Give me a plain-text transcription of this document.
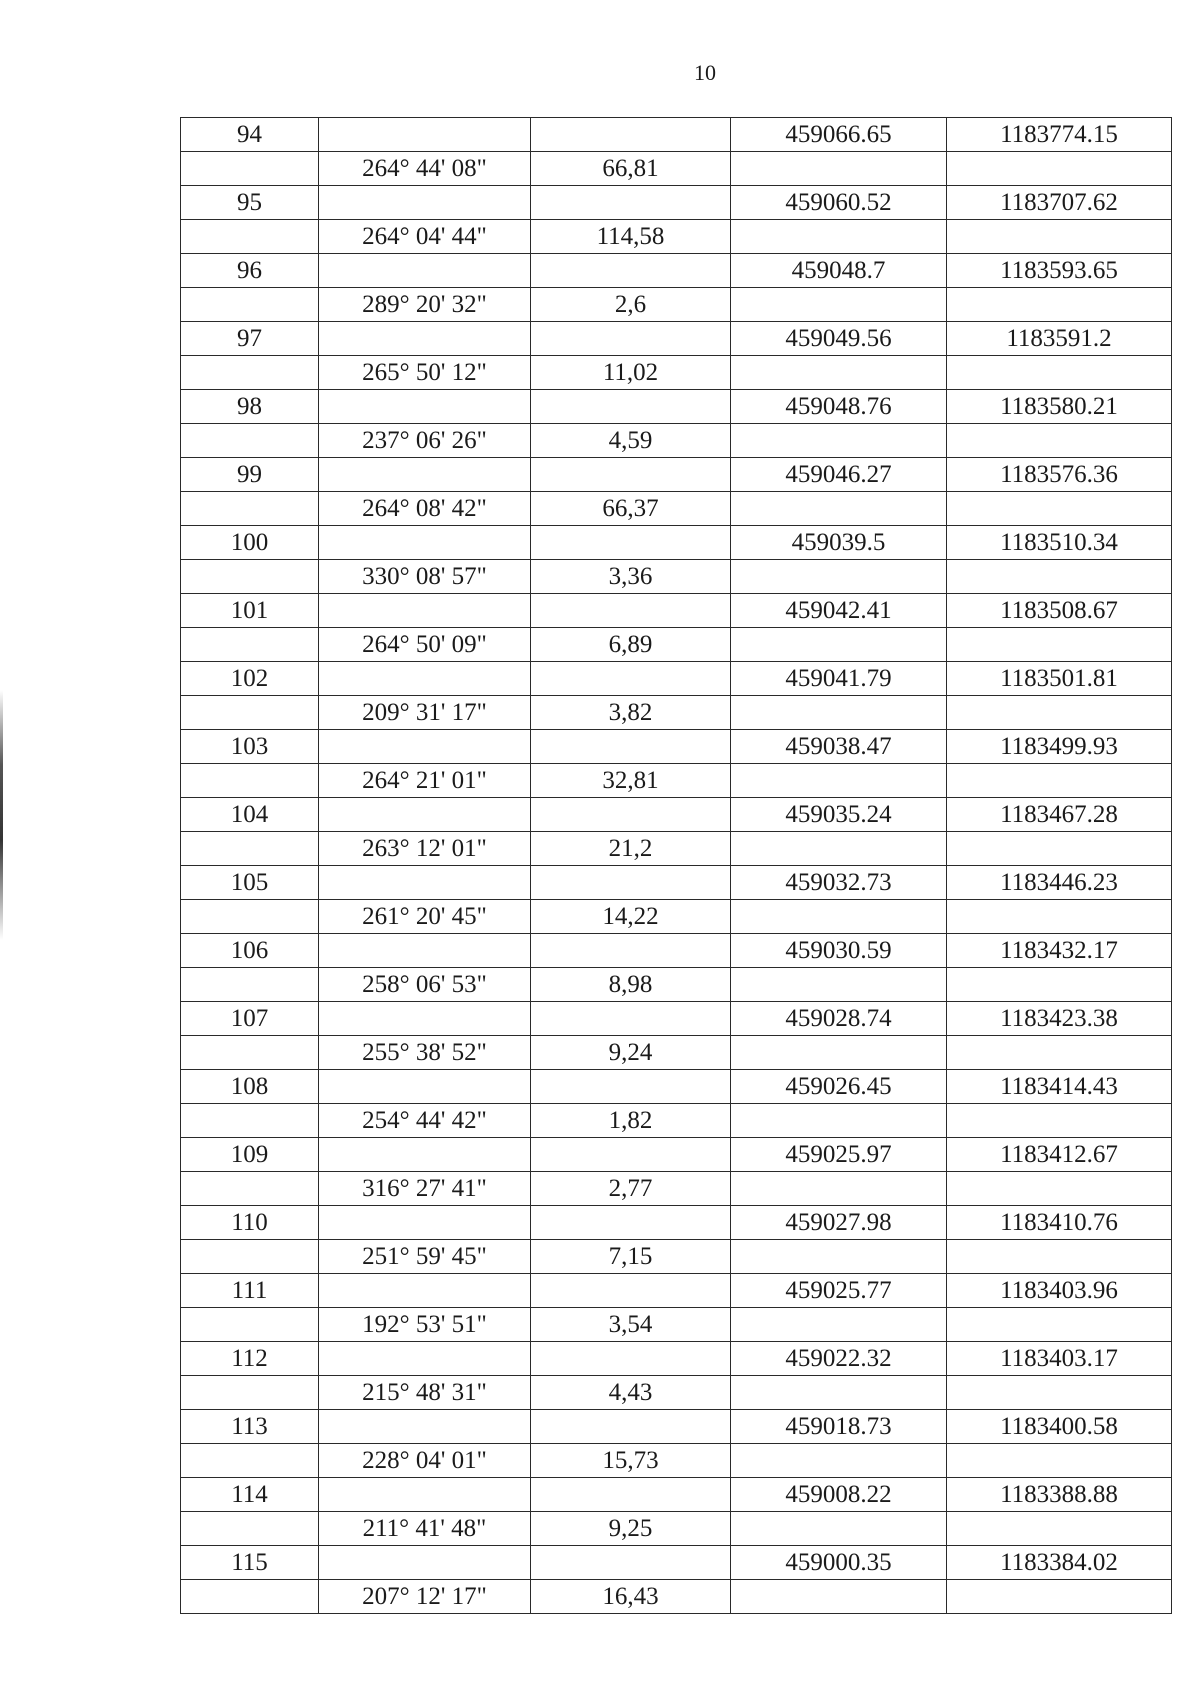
10
94			459066.65	1183774.15
	264° 44' 08"	66,81		
95			459060.52	1183707.62
	264° 04' 44"	114,58		
96			459048.7	1183593.65
	289° 20' 32"	2,6		
97			459049.56	1183591.2
	265° 50' 12"	11,02		
98			459048.76	1183580.21
	237° 06' 26"	4,59		
99			459046.27	1183576.36
	264° 08' 42"	66,37		
100			459039.5	1183510.34
	330° 08' 57"	3,36		
101			459042.41	1183508.67
	264° 50' 09"	6,89		
102			459041.79	1183501.81
	209° 31' 17"	3,82		
103			459038.47	1183499.93
	264° 21' 01"	32,81		
104			459035.24	1183467.28
	263° 12' 01"	21,2		
105			459032.73	1183446.23
	261° 20' 45"	14,22		
106			459030.59	1183432.17
	258° 06' 53"	8,98		
107			459028.74	1183423.38
	255° 38' 52"	9,24		
108			459026.45	1183414.43
	254° 44' 42"	1,82		
109			459025.97	1183412.67
	316° 27' 41"	2,77		
110			459027.98	1183410.76
	251° 59' 45"	7,15		
111			459025.77	1183403.96
	192° 53' 51"	3,54		
112			459022.32	1183403.17
	215° 48' 31"	4,43		
113			459018.73	1183400.58
	228° 04' 01"	15,73		
114			459008.22	1183388.88
	211° 41' 48"	9,25		
115			459000.35	1183384.02
	207° 12' 17"	16,43		
